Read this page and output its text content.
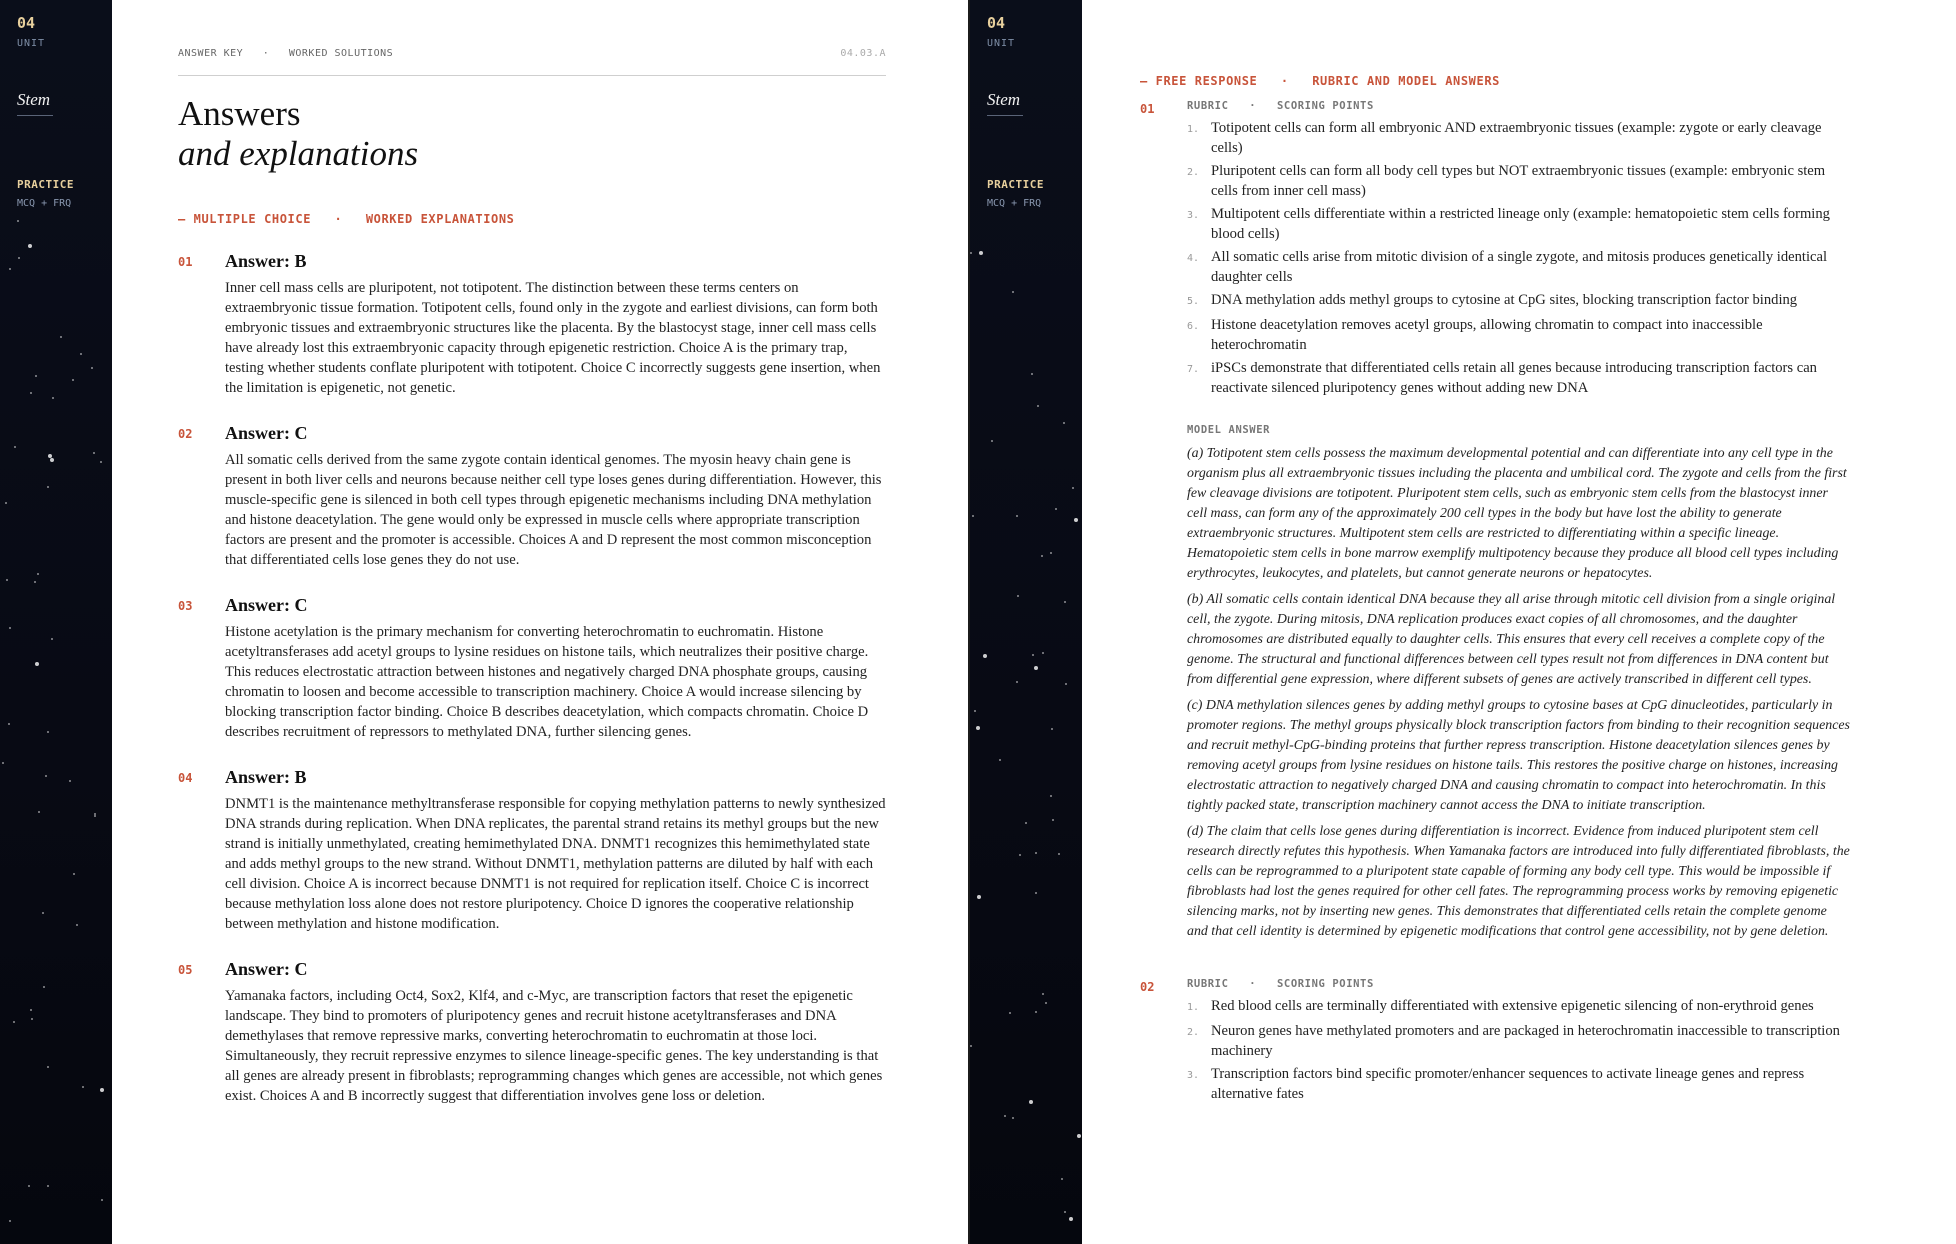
04
UNIT
Stem
PRACTICE
MCQ + FRQ
ANSWER KEY · WORKED SOLUTIONS	04.03.A
Answers
and explanations
— MULTIPLE CHOICE · WORKED EXPLANATIONS
01	Answer: B

Inner cell mass cells are pluripotent, not totipotent. The distinction between these terms centers on extraembryonic tissue formation. Totipotent cells, found only in the zygote and earliest divisions, can form both embryonic tissues and extraembryonic structures like the placenta. By the blastocyst stage, inner cell mass cells have already lost this extraembryonic capacity through epigenetic restriction. Choice A is the primary trap, testing whether students conflate pluripotent with totipotent. Choice C incorrectly suggests gene insertion, when the limitation is epigenetic, not genetic.

02	Answer: C

All somatic cells derived from the same zygote contain identical genomes. The myosin heavy chain gene is present in both liver cells and neurons because neither cell type loses genes during differentiation. However, this muscle-specific gene is silenced in both cell types through epigenetic mechanisms including DNA methylation and histone deacetylation. The gene would only be expressed in muscle cells where appropriate transcription factors are present and the promoter is accessible. Choices A and D represent the most common misconception that differentiated cells lose genes they do not use.

03	Answer: C

Histone acetylation is the primary mechanism for converting heterochromatin to euchromatin. Histone acetyltransferases add acetyl groups to lysine residues on histone tails, which neutralizes their positive charge. This reduces electrostatic attraction between histones and negatively charged DNA phosphate groups, causing chromatin to loosen and become accessible to transcription machinery. Choice A would increase silencing by blocking transcription factor binding. Choice B describes deacetylation, which compacts chromatin. Choice D describes recruitment of repressors to methylated DNA, further silencing genes.

04	Answer: B

DNMT1 is the maintenance methyltransferase responsible for copying methylation patterns to newly synthesized DNA strands during replication. When DNA replicates, the parental strand retains its methyl groups but the new strand is initially unmethylated, creating hemimethylated DNA. DNMT1 recognizes this hemimethylated state and adds methyl groups to the new strand. Without DNMT1, methylation patterns are diluted by half with each cell division. Choice A is incorrect because DNMT1 is not required for replication itself. Choice C is incorrect because methylation loss alone does not restore pluripotency. Choice D ignores the cooperative relationship between methylation and histone modification.

05	Answer: C

Yamanaka factors, including Oct4, Sox2, Klf4, and c-Myc, are transcription factors that reset the epigenetic landscape. They bind to promoters of pluripotency genes and recruit histone acetyltransferases and DNA demethylases that remove repressive marks, converting heterochromatin to euchromatin at those loci. Simultaneously, they recruit repressive enzymes to silence lineage-specific genes. The key understanding is that all genes are already present in fibroblasts; reprogramming changes which genes are accessible, not which genes exist. Choices A and B incorrectly suggest that differentiation involves gene loss or deletion.

04
UNIT
Stem
PRACTICE
MCQ + FRQ
— FREE RESPONSE · RUBRIC AND MODEL ANSWERS
01	RUBRIC · SCORING POINTS
1. Totipotent cells can form all embryonic AND extraembryonic tissues (example: zygote or early cleavage cells)
2. Pluripotent cells can form all body cell types but NOT extraembryonic tissues (example: embryonic stem cells from inner cell mass)
3. Multipotent cells differentiate within a restricted lineage only (example: hematopoietic stem cells forming blood cells)
4. All somatic cells arise from mitotic division of a single zygote, and mitosis produces genetically identical daughter cells
5. DNA methylation adds methyl groups to cytosine at CpG sites, blocking transcription factor binding
6. Histone deacetylation removes acetyl groups, allowing chromatin to compact into inaccessible heterochromatin
7. iPSCs demonstrate that differentiated cells retain all genes because introducing transcription factors can reactivate silenced pluripotency genes without adding new DNA
MODEL ANSWER

(a) Totipotent stem cells possess the maximum developmental potential and can differentiate into any cell type in the organism plus all extraembryonic tissues including the placenta and umbilical cord. The zygote and cells from the first few cleavage divisions are totipotent. Pluripotent stem cells, such as embryonic stem cells from the blastocyst inner cell mass, can form any of the approximately 200 cell types in the body but have lost the ability to generate extraembryonic structures. Multipotent stem cells are restricted to differentiating within a specific lineage. Hematopoietic stem cells in bone marrow exemplify multipotency because they produce all blood cell types including erythrocytes, leukocytes, and platelets, but cannot generate neurons or hepatocytes.

(b) All somatic cells contain identical DNA because they all arise through mitotic cell division from a single original cell, the zygote. During mitosis, DNA replication produces exact copies of all chromosomes, and the daughter chromosomes are distributed equally to daughter cells. This ensures that every cell receives a complete copy of the genome. The structural and functional differences between cell types result not from differences in DNA content but from differential gene expression, where different subsets of genes are actively transcribed in different cell types.

(c) DNA methylation silences genes by adding methyl groups to cytosine bases at CpG dinucleotides, particularly in promoter regions. The methyl groups physically block transcription factors from binding to their recognition sequences and recruit methyl-CpG-binding proteins that further repress transcription. Histone deacetylation silences genes by removing acetyl groups from lysine residues on histone tails. This restores the positive charge on histones, increasing electrostatic attraction to negatively charged DNA and causing chromatin to compact into heterochromatin. In this tightly packed state, transcription machinery cannot access the DNA to initiate transcription.

(d) The claim that cells lose genes during differentiation is incorrect. Evidence from induced pluripotent stem cell research directly refutes this hypothesis. When Yamanaka factors are introduced into fully differentiated fibroblasts, the cells can be reprogrammed to a pluripotent state capable of forming any body cell type. This would be impossible if fibroblasts had lost the genes required for other cell fates. The reprogramming process works by removing epigenetic silencing marks, not by inserting new genes. This demonstrates that differentiated cells retain the complete genome and that cell identity is determined by epigenetic modifications that control gene accessibility, not by gene deletion.

02	RUBRIC · SCORING POINTS
1. Red blood cells are terminally differentiated with extensive epigenetic silencing of non-erythroid genes
2. Neuron genes have methylated promoters and are packaged in heterochromatin inaccessible to transcription machinery
3. Transcription factors bind specific promoter/enhancer sequences to activate lineage genes and repress alternative fates
